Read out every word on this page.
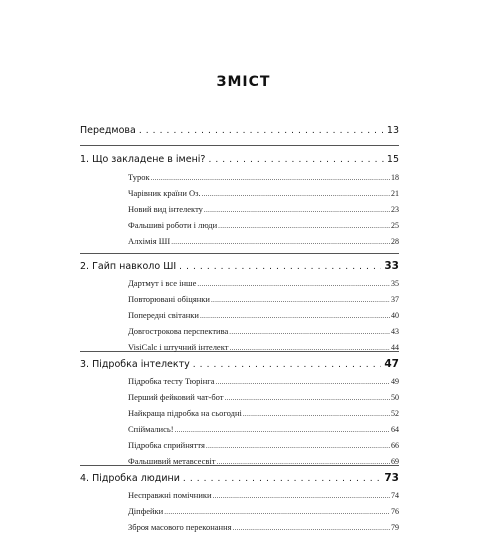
ЗМІСТ
Передмова . . .	13
1. Що закладене в імені? . . .	15
Турок .....	18
Чарівник країни Оз. .....	21
Новий вид інтелекту .....	23
Фальшиві роботи і люди .....	25
Алхімія ШІ .....	28
2. Гайп навколо ШІ . . .	33
Дартмут і все інше .....	35
Повторювані обіцянки .....	37
Попередні світанки .....	40
Довгострокова перспектива .....	43
VisiCalc і штучний інтелект .....	44
3. Підробка інтелекту . . .	47
Підробка тесту Тюрінга .....	49
Перший фейковий чат-бот .....	50
Найкраща підробка на сьогодні .....	52
Спіймались! .....	64
Підробка сприйняття .....	66
Фальшивий метавсесвіт .....	69
4. Підробка людини . . .	73
Несправжні помічники .....	74
Діпфейки .....	76
Зброя масового переконання .....	79
